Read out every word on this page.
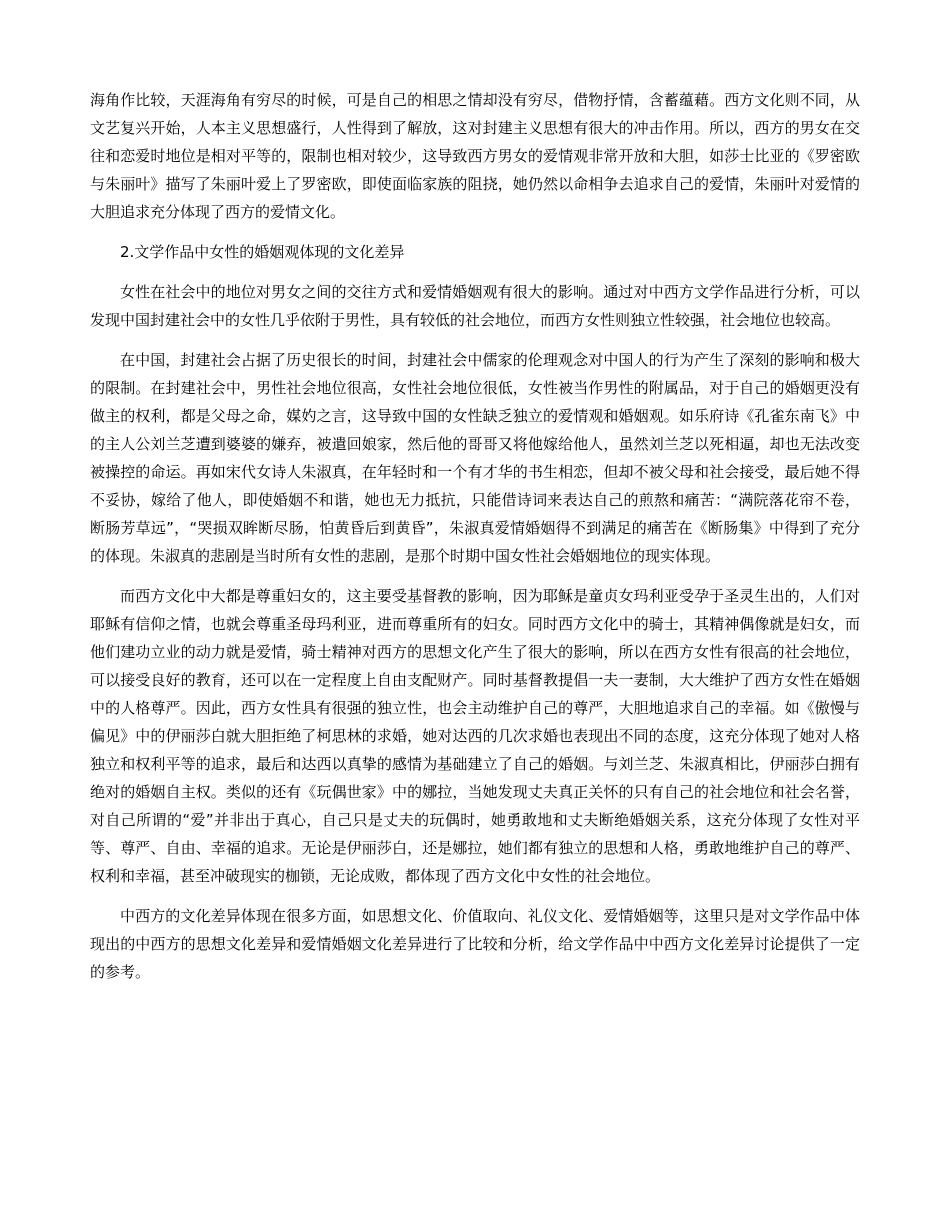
海角作比较，天涯海角有穷尽的时候，可是自己的相思之情却没有穷尽，借物抒情，含蓄蕴藉。西方文化则不同，从文艺复兴开始，人本主义思想盛行，人性得到了解放，这对封建主义思想有很大的冲击作用。所以，西方的男女在交往和恋爱时地位是相对平等的，限制也相对较少，这导致西方男女的爱情观非常开放和大胆，如莎士比亚的《罗密欧与朱丽叶》描写了朱丽叶爱上了罗密欧，即使面临家族的阻挠，她仍然以命相争去追求自己的爱情，朱丽叶对爱情的大胆追求充分体现了西方的爱情文化。

2.文学作品中女性的婚姻观体现的文化差异

女性在社会中的地位对男女之间的交往方式和爱情婚姻观有很大的影响。通过对中西方文学作品进行分析，可以发现中国封建社会中的女性几乎依附于男性，具有较低的社会地位，而西方女性则独立性较强，社会地位也较高。

在中国，封建社会占据了历史很长的时间，封建社会中儒家的伦理观念对中国人的行为产生了深刻的影响和极大的限制。在封建社会中，男性社会地位很高，女性社会地位很低，女性被当作男性的附属品，对于自己的婚姻更没有做主的权利，都是父母之命，媒妁之言，这导致中国的女性缺乏独立的爱情观和婚姻观。如乐府诗《孔雀东南飞》中的主人公刘兰芝遭到婆婆的嫌弃，被遣回娘家，然后他的哥哥又将他嫁给他人，虽然刘兰芝以死相逼，却也无法改变被操控的命运。再如宋代女诗人朱淑真，在年轻时和一个有才华的书生相恋，但却不被父母和社会接受，最后她不得不妥协，嫁给了他人，即使婚姻不和谐，她也无力抵抗，只能借诗词来表达自己的煎熬和痛苦：“满院落花帘不卷，断肠芳草远”，“哭损双眸断尽肠，怕黄昏后到黄昏”，朱淑真爱情婚姻得不到满足的痛苦在《断肠集》中得到了充分的体现。朱淑真的悲剧是当时所有女性的悲剧，是那个时期中国女性社会婚姻地位的现实体现。

而西方文化中大都是尊重妇女的，这主要受基督教的影响，因为耶稣是童贞女玛利亚受孕于圣灵生出的，人们对耶稣有信仰之情，也就会尊重圣母玛利亚，进而尊重所有的妇女。同时西方文化中的骑士，其精神偶像就是妇女，而他们建功立业的动力就是爱情，骑士精神对西方的思想文化产生了很大的影响，所以在西方女性有很高的社会地位，可以接受良好的教育，还可以在一定程度上自由支配财产。同时基督教提倡一夫一妻制，大大维护了西方女性在婚姻中的人格尊严。因此，西方女性具有很强的独立性，也会主动维护自己的尊严，大胆地追求自己的幸福。如《傲慢与偏见》中的伊丽莎白就大胆拒绝了柯思林的求婚，她对达西的几次求婚也表现出不同的态度，这充分体现了她对人格独立和权利平等的追求，最后和达西以真挚的感情为基础建立了自己的婚姻。与刘兰芝、朱淑真相比，伊丽莎白拥有绝对的婚姻自主权。类似的还有《玩偶世家》中的娜拉，当她发现丈夫真正关怀的只有自己的社会地位和社会名誉，对自己所谓的“爱”并非出于真心，自己只是丈夫的玩偶时，她勇敢地和丈夫断绝婚姻关系，这充分体现了女性对平等、尊严、自由、幸福的追求。无论是伊丽莎白，还是娜拉，她们都有独立的思想和人格，勇敢地维护自己的尊严、权利和幸福，甚至冲破现实的枷锁，无论成败，都体现了西方文化中女性的社会地位。

中西方的文化差异体现在很多方面，如思想文化、价值取向、礼仪文化、爱情婚姻等，这里只是对文学作品中体现出的中西方的思想文化差异和爱情婚姻文化差异进行了比较和分析，给文学作品中中西方文化差异讨论提供了一定的参考。
